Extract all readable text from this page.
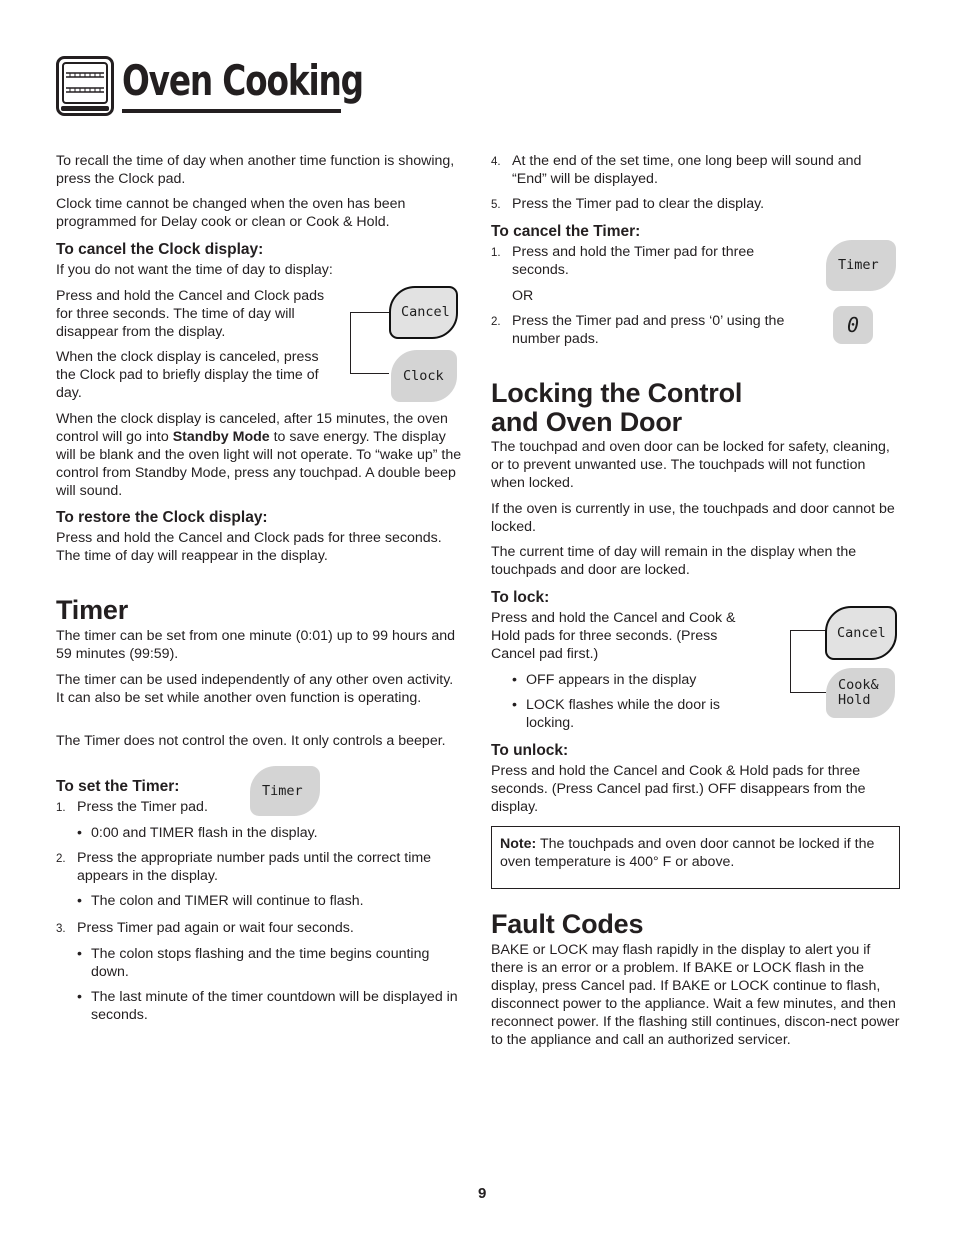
Oven Cooking

To recall the time of day when another time function is showing, press the Clock pad.

Clock time cannot be changed when the oven has been programmed for Delay cook or clean or Cook & Hold.

To cancel the Clock display:

If you do not want the time of day to display:

Press and hold the Cancel and Clock pads for three seconds. The time of day will disappear from the display.

When the clock display is canceled, press the Clock pad to briefly display the time of day.

Cancel
Clock

When the clock display is canceled, after 15 minutes, the oven control will go into Standby Mode to save energy. The display will be blank and the oven light will not operate. To “wake up” the control from Standby Mode, press any touchpad. A double beep will sound.

To restore the Clock display:

Press and hold the Cancel and Clock pads for three seconds. The time of day will reappear in the display.

Timer

The timer can be set from one minute (0:01) up to 99 hours and 59 minutes (99:59).

The timer can be used independently of any other oven activity. It can also be set while another oven function is operating.

The Timer does not control the oven. It only controls a beeper.

To set the Timer:	Timer
1. Press the Timer pad.

• 0:00 and TIMER flash in the display.

2. Press the appropriate number pads until the correct time appears in the display.

• The colon and TIMER will continue to flash.

3. Press Timer pad again or wait four seconds.

• The colon stops flashing and the time begins counting down.

• The last minute of the timer countdown will be displayed in seconds.

4. At the end of the set time, one long beep will sound and “End” will be displayed.

5. Press the Timer pad to clear the display.

To cancel the Timer:
1. Press and hold the Timer pad for three seconds.

OR

2. Press the Timer pad and press ‘0’ using the number pads.

Timer
0
Locking the Control
and Oven Door

The touchpad and oven door can be locked for safety, cleaning, or to prevent unwanted use. The touchpads will not function when locked.

If the oven is currently in use, the touchpads and door cannot be locked.

The current time of day will remain in the display when the touchpads and door are locked.

To lock:

Press and hold the Cancel and Cook & Hold pads for three seconds. (Press Cancel pad first.)

• OFF appears in the display

• LOCK flashes while the door is locking.

Cancel
Cook&
Hold
To unlock:

Press and hold the Cancel and Cook & Hold pads for three seconds. (Press Cancel pad first.) OFF disappears from the display.

Note: The touchpads and oven door cannot be locked if the oven temperature is 400° F or above.

Fault Codes

BAKE or LOCK may flash rapidly in the display to alert you if there is an error or a problem. If BAKE or LOCK flash in the display, press Cancel pad. If BAKE or LOCK continue to flash, disconnect power to the appliance. Wait a few minutes, and then reconnect power. If the flashing still continues, discon-nect power to the appliance and call an authorized servicer.

9
